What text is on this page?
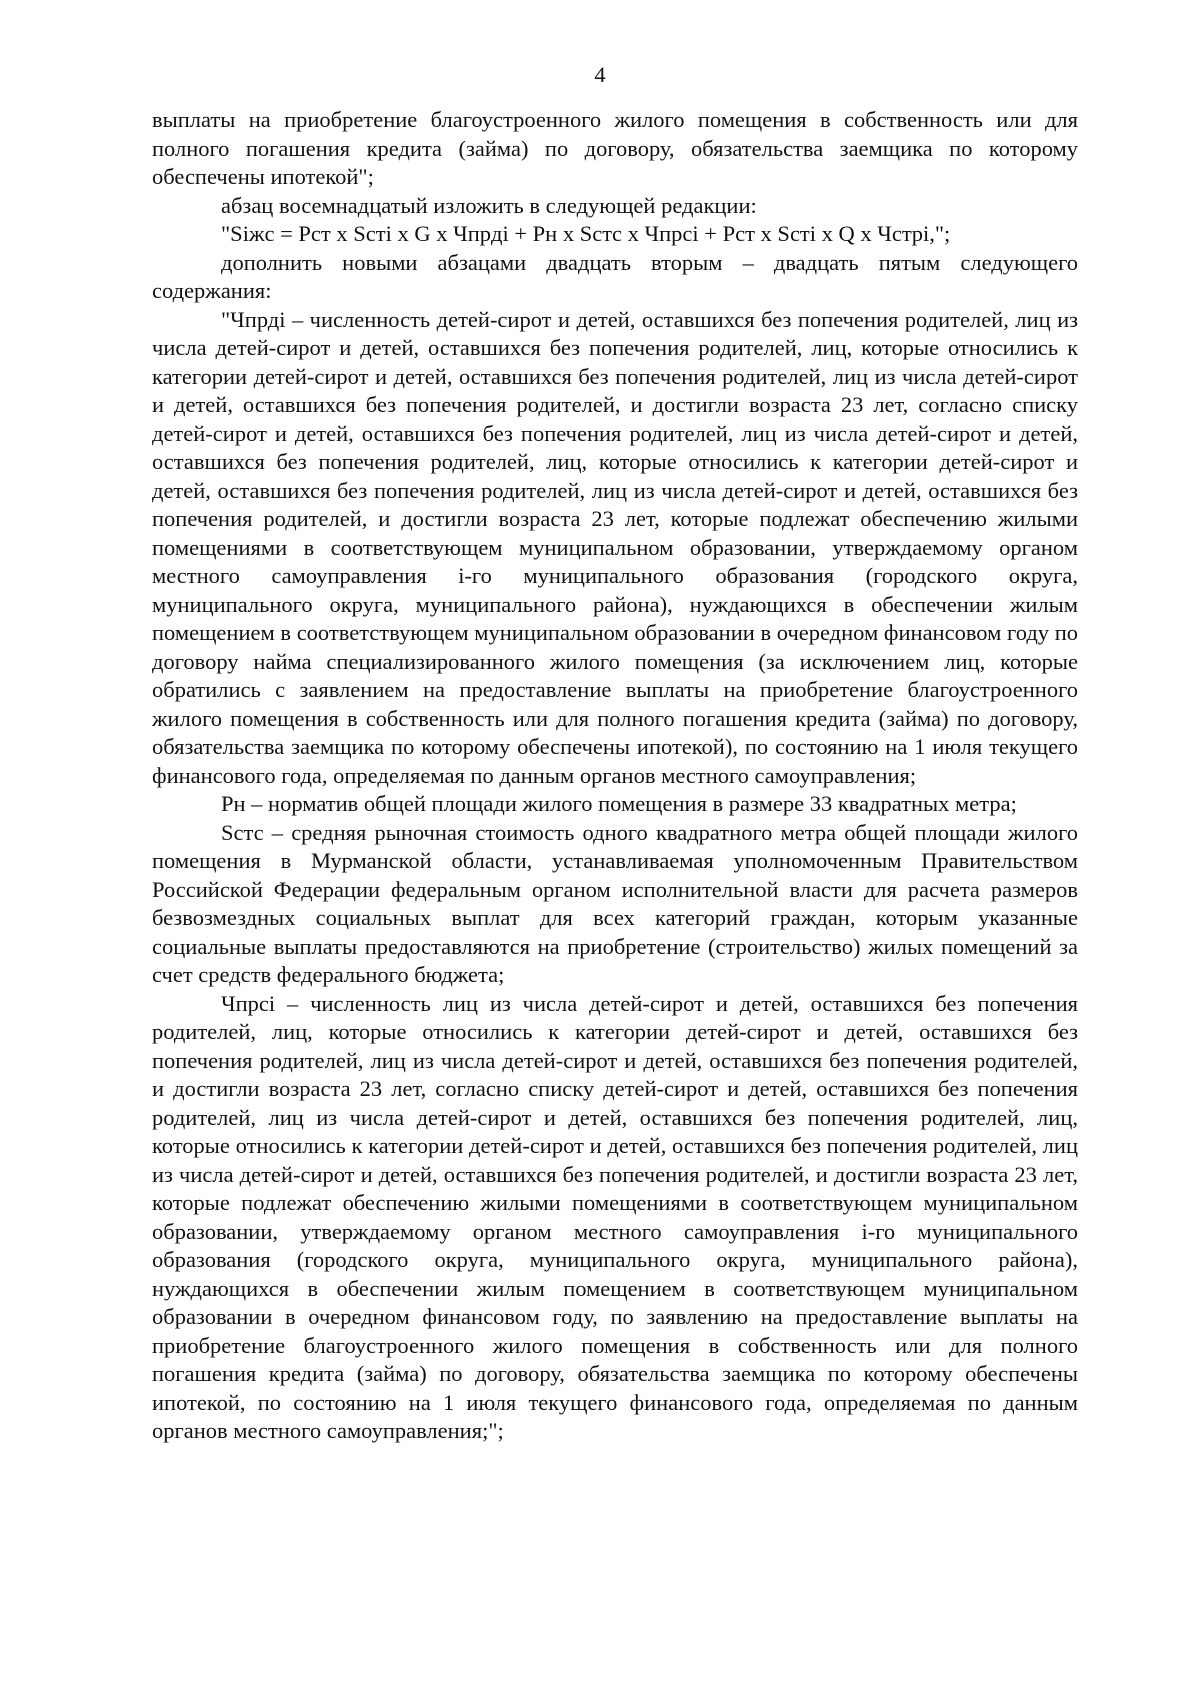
4

выплаты на приобретение благоустроенного жилого помещения в собственность или для полного погашения кредита (займа) по договору, обязательства заемщика по которому обеспечены ипотекой";

абзац восемнадцатый изложить в следующей редакции:

"Siжc = Pcт x Scтi x G x Чпpдi + Pн x Scтc x Чпpci + Pcт x Scтi x Q x Чcтpi,";

дополнить новыми абзацами двадцать вторым – двадцать пятым следующего содержания:

"Чпрдi – численность детей-сирот и детей, оставшихся без попечения родителей, лиц из числа детей-сирот и детей, оставшихся без попечения родителей, лиц, которые относились к категории детей-сирот и детей, оставшихся без попечения родителей, лиц из числа детей-сирот и детей, оставшихся без попечения родителей, и достигли возраста 23 лет, согласно списку детей-сирот и детей, оставшихся без попечения родителей, лиц из числа детей-сирот и детей, оставшихся без попечения родителей, лиц, которые относились к категории детей-сирот и детей, оставшихся без попечения родителей, лиц из числа детей-сирот и детей, оставшихся без попечения родителей, и достигли возраста 23 лет, которые подлежат обеспечению жилыми помещениями в соответствующем муниципальном образовании, утверждаемому органом местного самоуправления i-го муниципального образования (городского округа, муниципального округа, муниципального района), нуждающихся в обеспечении жилым помещением в соответствующем муниципальном образовании в очередном финансовом году по договору найма специализированного жилого помещения (за исключением лиц, которые обратились с заявлением на предоставление выплаты на приобретение благоустроенного жилого помещения в собственность или для полного погашения кредита (займа) по договору, обязательства заемщика по которому обеспечены ипотекой), по состоянию на 1 июля текущего финансового года, определяемая по данным органов местного самоуправления;

Рн – норматив общей площади жилого помещения в размере 33 квадратных метра;

Sстс – средняя рыночная стоимость одного квадратного метра общей площади жилого помещения в Мурманской области, устанавливаемая уполномоченным Правительством Российской Федерации федеральным органом исполнительной власти для расчета размеров безвозмездных социальных выплат для всех категорий граждан, которым указанные социальные выплаты предоставляются на приобретение (строительство) жилых помещений за счет средств федерального бюджета;

Чпрсi – численность лиц из числа детей-сирот и детей, оставшихся без попечения родителей, лиц, которые относились к категории детей-сирот и детей, оставшихся без попечения родителей, лиц из числа детей-сирот и детей, оставшихся без попечения родителей, и достигли возраста 23 лет, согласно списку детей-сирот и детей, оставшихся без попечения родителей, лиц из числа детей-сирот и детей, оставшихся без попечения родителей, лиц, которые относились к категории детей-сирот и детей, оставшихся без попечения родителей, лиц из числа детей-сирот и детей, оставшихся без попечения родителей, и достигли возраста 23 лет, которые подлежат обеспечению жилыми помещениями в соответствующем муниципальном образовании, утверждаемому органом местного самоуправления i-го муниципального образования (городского округа, муниципального округа, муниципального района), нуждающихся в обеспечении жилым помещением в соответствующем муниципальном образовании в очередном финансовом году, по заявлению на предоставление выплаты на приобретение благоустроенного жилого помещения в собственность или для полного погашения кредита (займа) по договору, обязательства заемщика по которому обеспечены ипотекой, по состоянию на 1 июля текущего финансового года, определяемая по данным органов местного самоуправления;";
